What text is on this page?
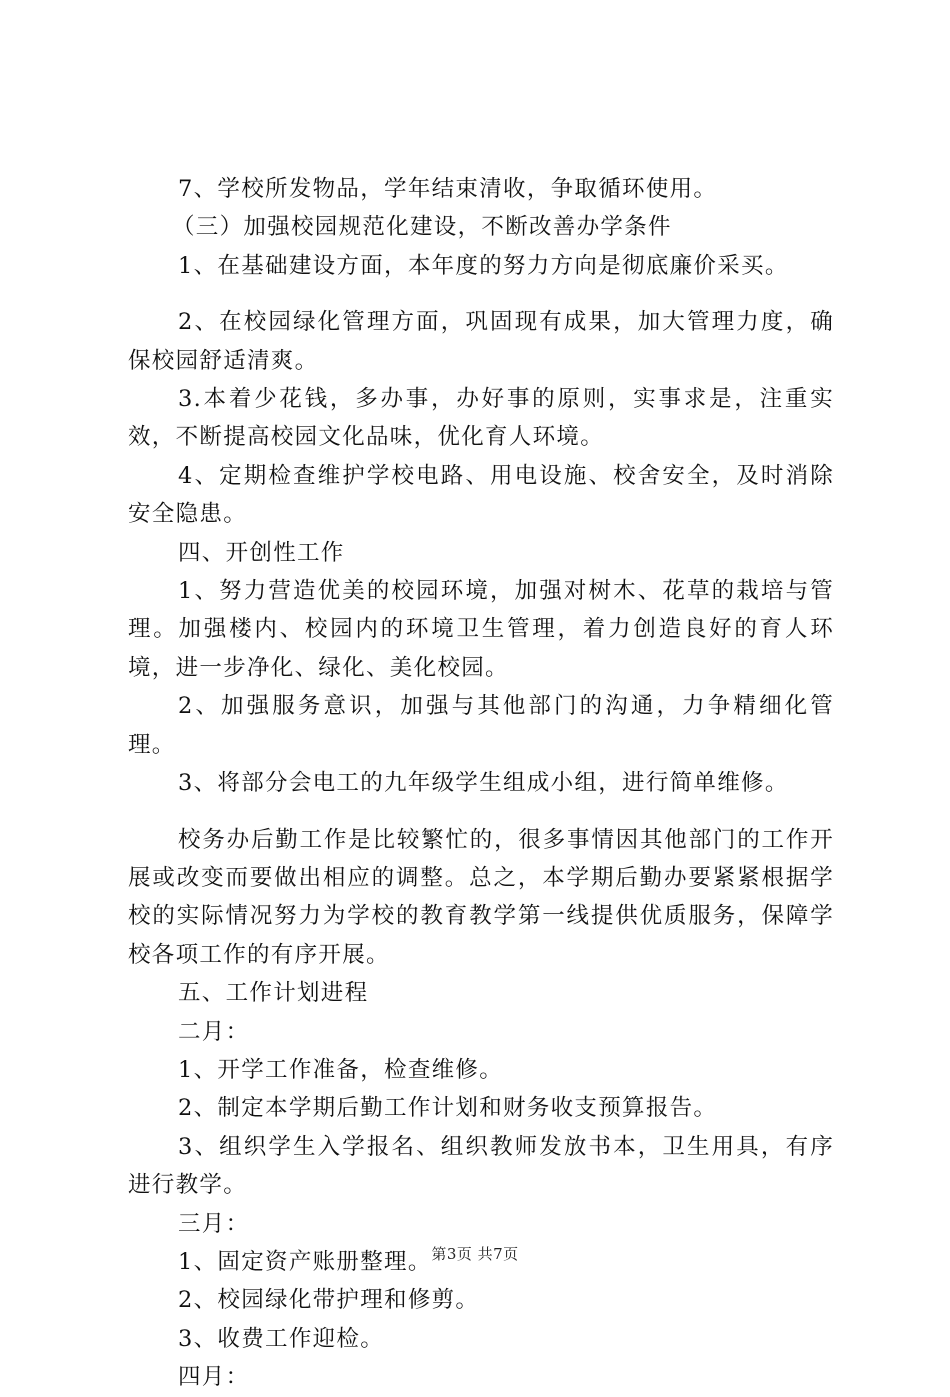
7、学校所发物品，学年结束清收，争取循环使用。

（三）加强校园规范化建设，不断改善办学条件

1、在基础建设方面，本年度的努力方向是彻底廉价采买。

2、在校园绿化管理方面，巩固现有成果，加大管理力度，确保校园舒适清爽。

3.本着少花钱，多办事，办好事的原则，实事求是，注重实效，不断提高校园文化品味，优化育人环境。

4、定期检查维护学校电路、用电设施、校舍安全，及时消除安全隐患。

四、开创性工作

1、努力营造优美的校园环境，加强对树木、花草的栽培与管理。加强楼内、校园内的环境卫生管理，着力创造良好的育人环境，进一步净化、绿化、美化校园。

2、加强服务意识，加强与其他部门的沟通，力争精细化管理。

3、将部分会电工的九年级学生组成小组，进行简单维修。

校务办后勤工作是比较繁忙的，很多事情因其他部门的工作开展或改变而要做出相应的调整。总之，本学期后勤办要紧紧根据学校的实际情况努力为学校的教育教学第一线提供优质服务，保障学校各项工作的有序开展。

五、工作计划进程

二月：

1、开学工作准备，检查维修。

2、制定本学期后勤工作计划和财务收支预算报告。

3、组织学生入学报名、组织教师发放书本，卫生用具，有序进行教学。

三月：

1、固定资产账册整理。

2、校园绿化带护理和修剪。

3、收费工作迎检。

四月：

第3页 共7页
